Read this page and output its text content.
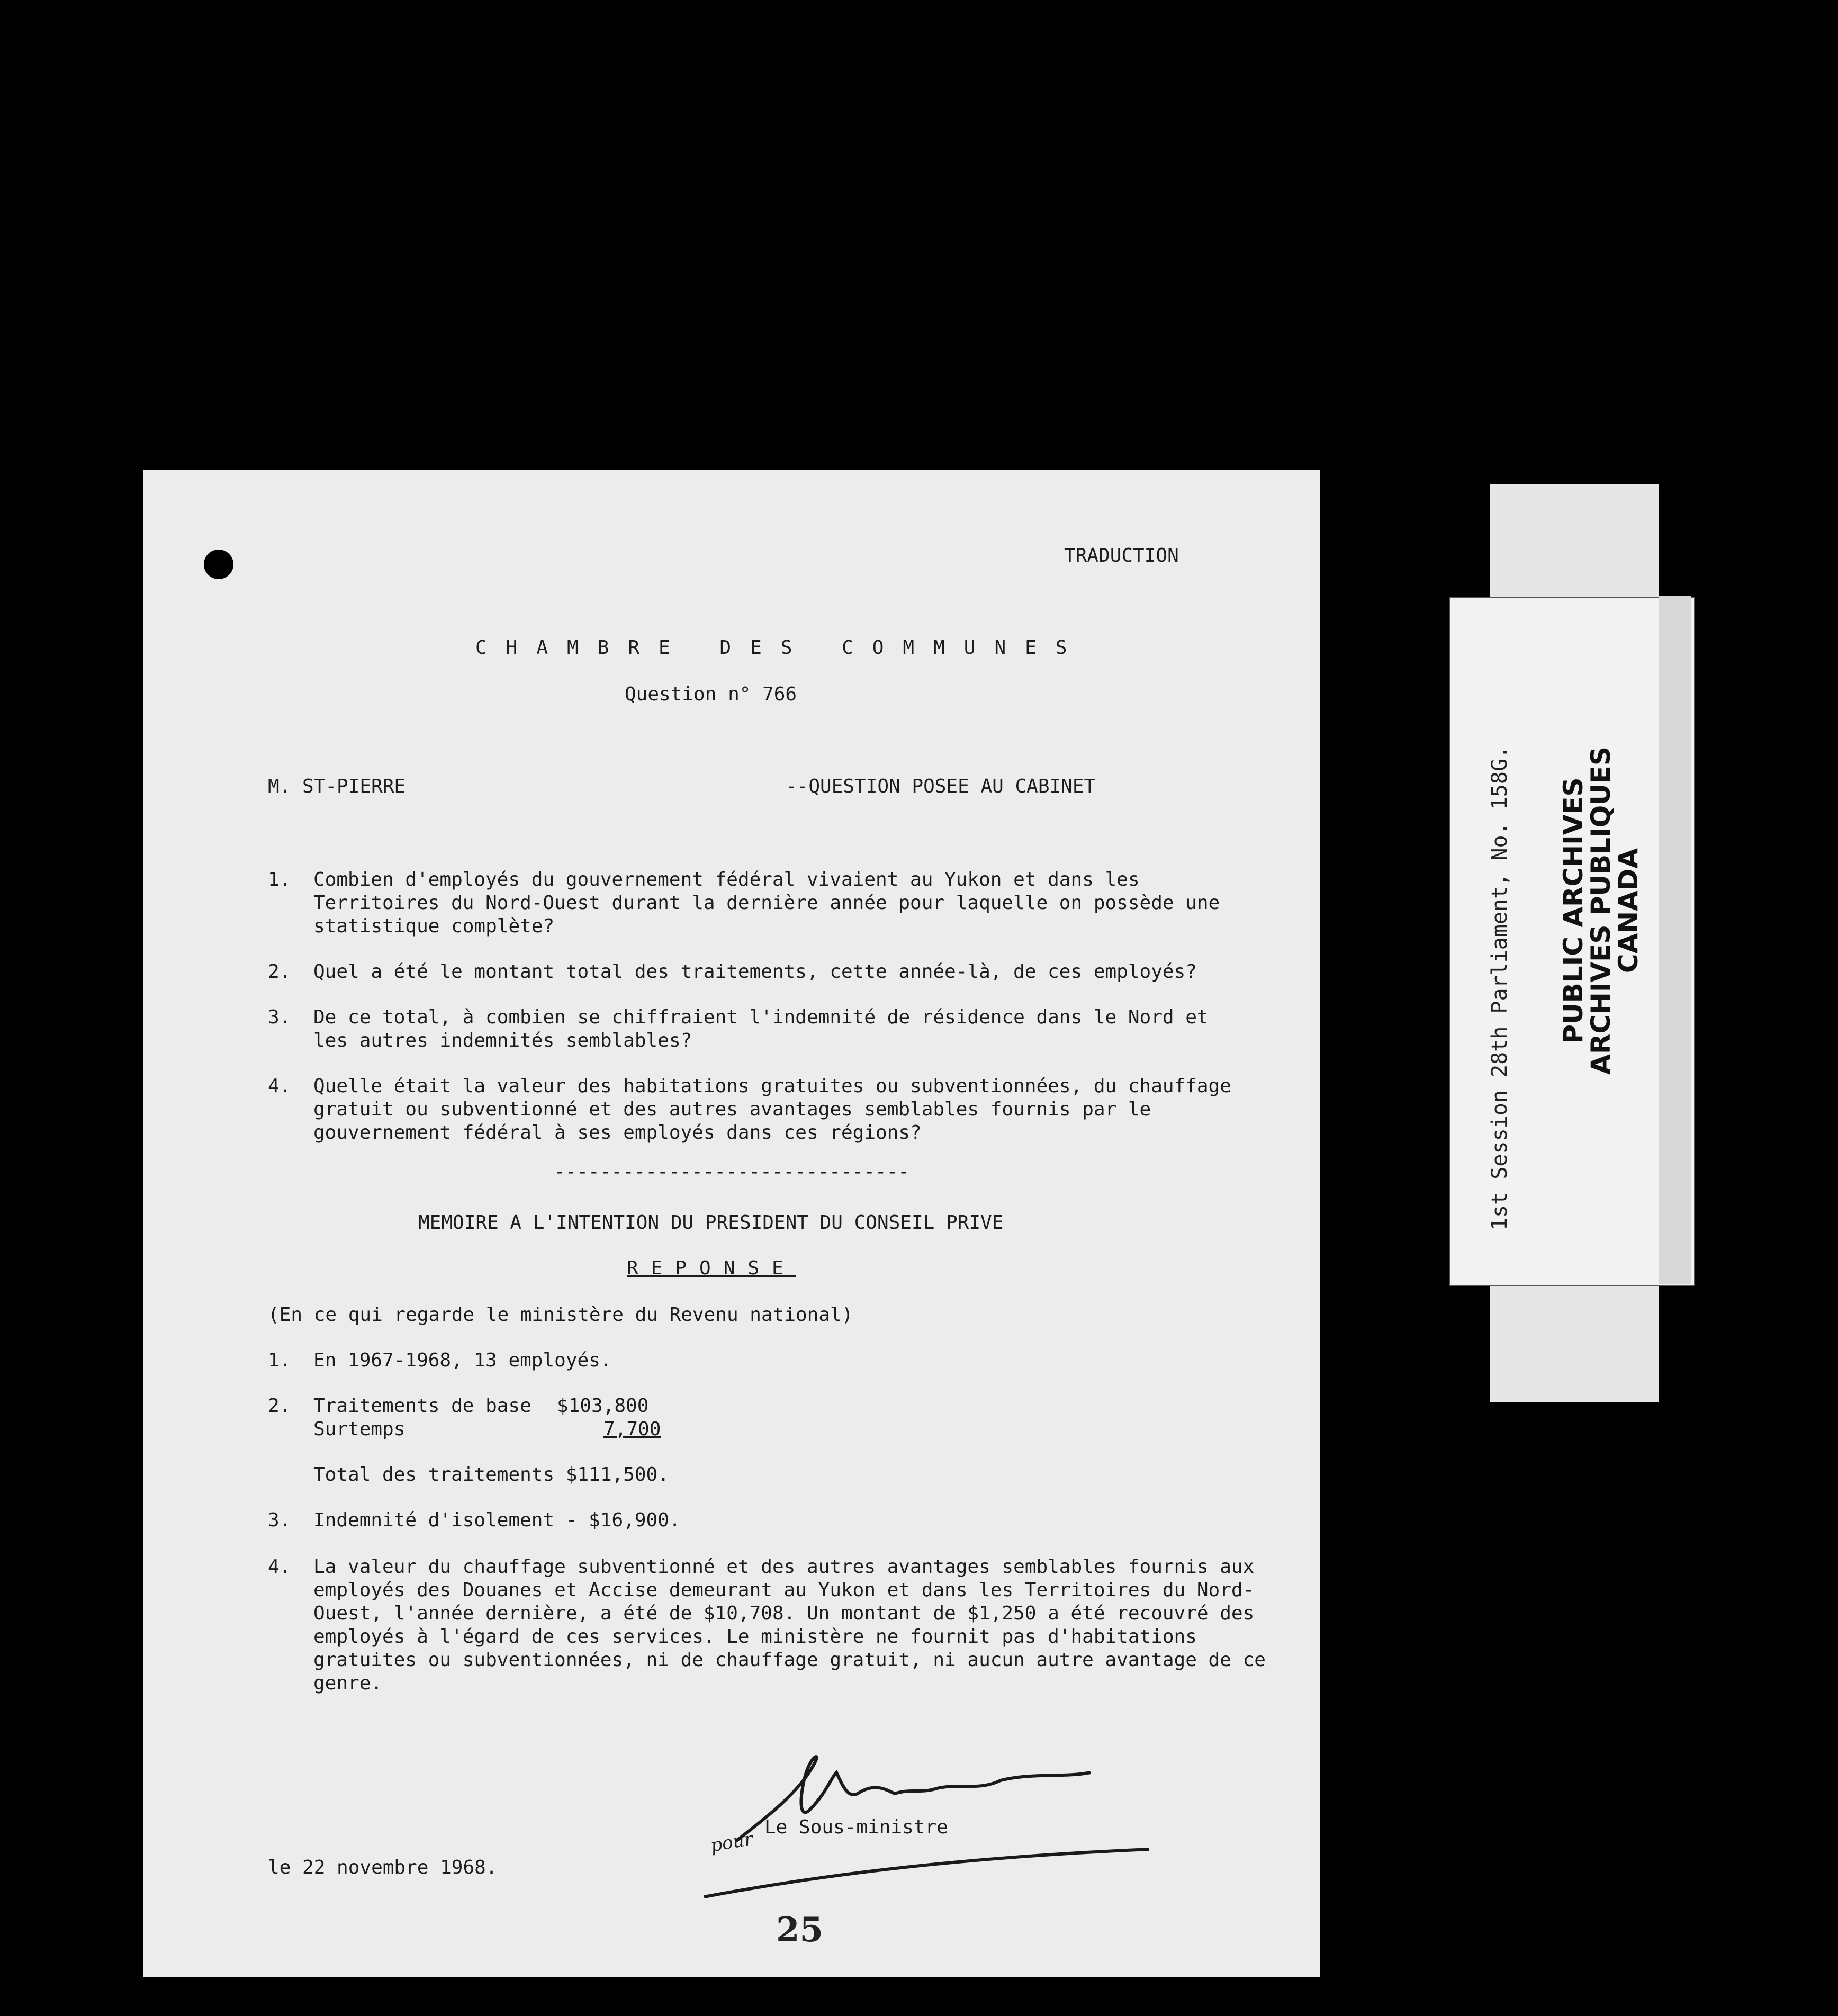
TRADUCTION
CHAMBRE DES COMMUNES
Question n° 766
M. ST-PIERRE	--QUESTION POSEE AU CABINET
1. Combien d'employés du gouvernement fédéral vivaient au Yukon et dans les Territoires du Nord-Ouest durant la dernière année pour laquelle on possède une statistique complète?
2. Quel a été le montant total des traitements, cette année-là, de ces employés?
3. De ce total, à combien se chiffraient l'indemnité de résidence dans le Nord et les autres indemnités semblables?
4. Quelle était la valeur des habitations gratuites ou subventionnées, du chauffage gratuit ou subventionné et des autres avantages semblables fournis par le gouvernement fédéral à ses employés dans ces régions?
-------------------------------
MEMOIRE A L'INTENTION DU PRESIDENT DU CONSEIL PRIVE
REPONSE
(En ce qui regarde le ministère du Revenu national)
1. En 1967-1968, 13 employés.
2. Traitements de base $103,800
Surtemps	7,700
Total des traitements $111,500.
3. Indemnité d'isolement - $16,900.
4. La valeur du chauffage subventionné et des autres avantages semblables fournis aux employés des Douanes et Accise demeurant au Yukon et dans les Territoires du Nord-Ouest, l'année dernière, a été de $10,708. Un montant de $1,250 a été recouvré des employés à l'égard de ces services. Le ministère ne fournit pas d'habitations gratuites ou subventionnées, ni de chauffage gratuit, ni aucun autre avantage de ce genre.
pour
Le Sous-ministre
le 22 novembre 1968.
25
1st Session 28th Parliament, No. 158G. PUBLIC ARCHIVES
ARCHIVES PUBLIQUES
CANADA
